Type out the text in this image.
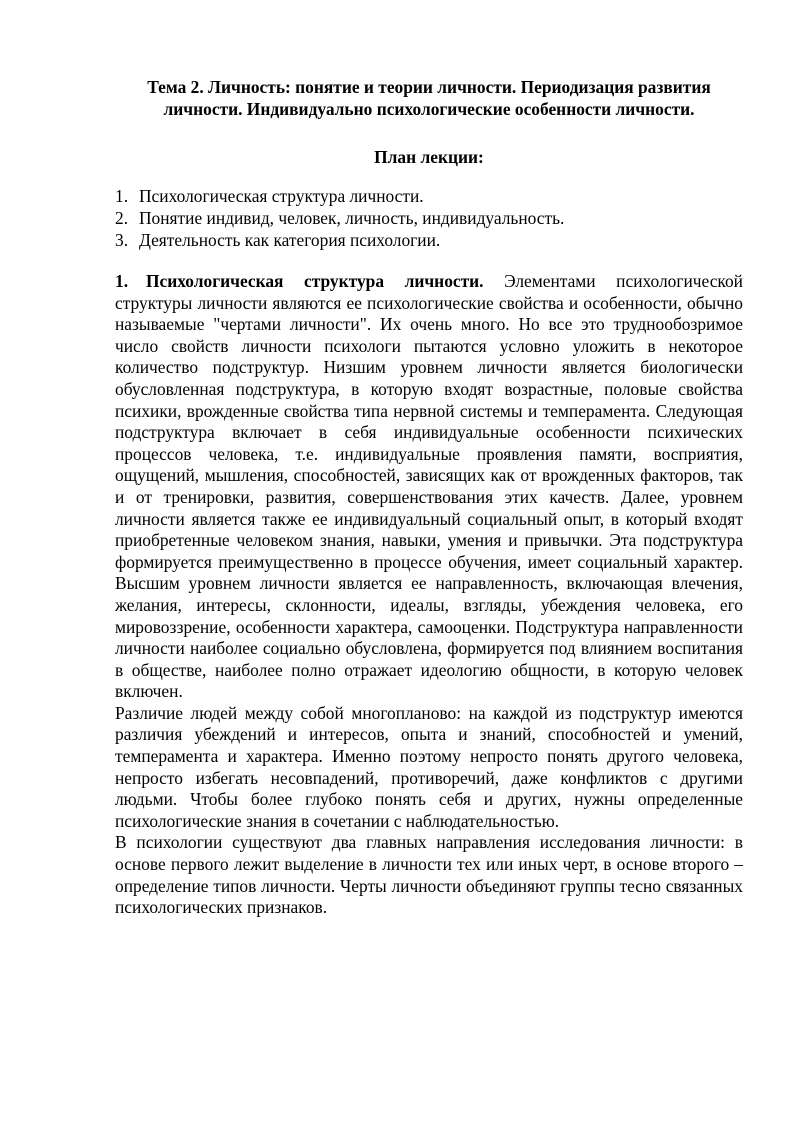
Тема 2. Личность: понятие и теории личности. Периодизация развития личности. Индивидуально психологические особенности личности.

План лекции:

1. Психологическая структура личности.
2. Понятие индивид, человек, личность, индивидуальность.
3. Деятельность как категория психологии.

1. Психологическая структура личности. Элементами психологической структуры личности являются ее психологические свойства и особенности, обычно называемые "чертами личности". Их очень много. Но все это труднообозримое число свойств личности психологи пытаются условно уложить в некоторое количество подструктур. Низшим уровнем личности является биологически обусловленная подструктура, в которую входят возрастные, половые свойства психики, врожденные свойства типа нервной системы и темперамента. Следующая подструктура включает в себя индивидуальные особенности психических процессов человека, т.е. индивидуальные проявления памяти, восприятия, ощущений, мышления, способностей, зависящих как от врожденных факторов, так и от тренировки, развития, совершенствования этих качеств. Далее, уровнем личности является также ее индивидуальный социальный опыт, в который входят приобретенные человеком знания, навыки, умения и привычки. Эта подструктура формируется преимущественно в процессе обучения, имеет социальный характер. Высшим уровнем личности является ее направленность, включающая влечения, желания, интересы, склонности, идеалы, взгляды, убеждения человека, его мировоззрение, особенности характера, самооценки. Подструктура направленности личности наиболее социально обусловлена, формируется под влиянием воспитания в обществе, наиболее полно отражает идеологию общности, в которую человек включен.

Различие людей между собой многопланово: на каждой из подструктур имеются различия убеждений и интересов, опыта и знаний, способностей и умений, темперамента и характера. Именно поэтому непросто понять другого человека, непросто избегать несовпадений, противоречий, даже конфликтов с другими людьми. Чтобы более глубоко понять себя и других, нужны определенные психологические знания в сочетании с наблюдательностью.

В психологии существуют два главных направления исследования личности: в основе первого лежит выделение в личности тех или иных черт, в основе второго – определение типов личности. Черты личности объединяют группы тесно связанных психологических признаков.
